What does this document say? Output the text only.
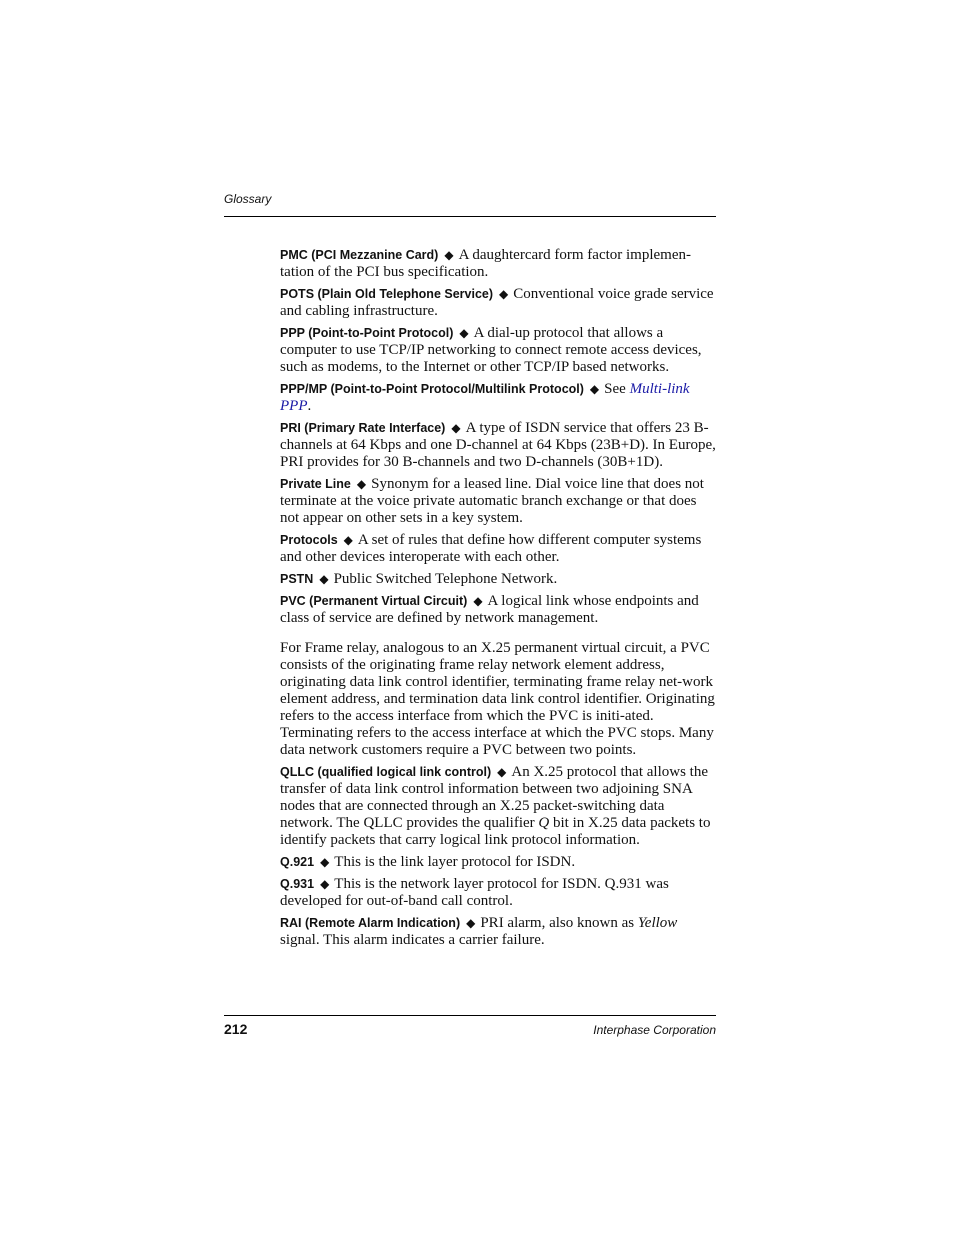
Glossary

PMC (PCI Mezzanine Card) ◆ A daughtercard form factor implemen-tation of the PCI bus specification.

POTS (Plain Old Telephone Service) ◆ Conventional voice grade service and cabling infrastructure.

PPP (Point-to-Point Protocol) ◆ A dial-up protocol that allows a computer to use TCP/IP networking to connect remote access devices, such as modems, to the Internet or other TCP/IP based networks.

PPP/MP (Point-to-Point Protocol/Multilink Protocol) ◆ See Multi-link PPP.

PRI (Primary Rate Interface) ◆ A type of ISDN service that offers 23 B-channels at 64 Kbps and one D-channel at 64 Kbps (23B+D). In Europe, PRI provides for 30 B-channels and two D-channels (30B+1D).

Private Line ◆ Synonym for a leased line. Dial voice line that does not terminate at the voice private automatic branch exchange or that does not appear on other sets in a key system.

Protocols ◆ A set of rules that define how different computer systems and other devices interoperate with each other.

PSTN ◆ Public Switched Telephone Network.

PVC (Permanent Virtual Circuit) ◆ A logical link whose endpoints and class of service are defined by network management.

For Frame relay, analogous to an X.25 permanent virtual circuit, a PVC consists of the originating frame relay network element address, originating data link control identifier, terminating frame relay net-work element address, and termination data link control identifier. Originating refers to the access interface from which the PVC is initi-ated. Terminating refers to the access interface at which the PVC stops. Many data network customers require a PVC between two points.

QLLC (qualified logical link control) ◆ An X.25 protocol that allows the transfer of data link control information between two adjoining SNA nodes that are connected through an X.25 packet-switching data network. The QLLC provides the qualifier Q bit in X.25 data packets to identify packets that carry logical link protocol information.

Q.921 ◆ This is the link layer protocol for ISDN.

Q.931 ◆ This is the network layer protocol for ISDN. Q.931 was developed for out-of-band call control.

RAI (Remote Alarm Indication) ◆ PRI alarm, also known as Yellow signal. This alarm indicates a carrier failure.

212	Interphase Corporation
